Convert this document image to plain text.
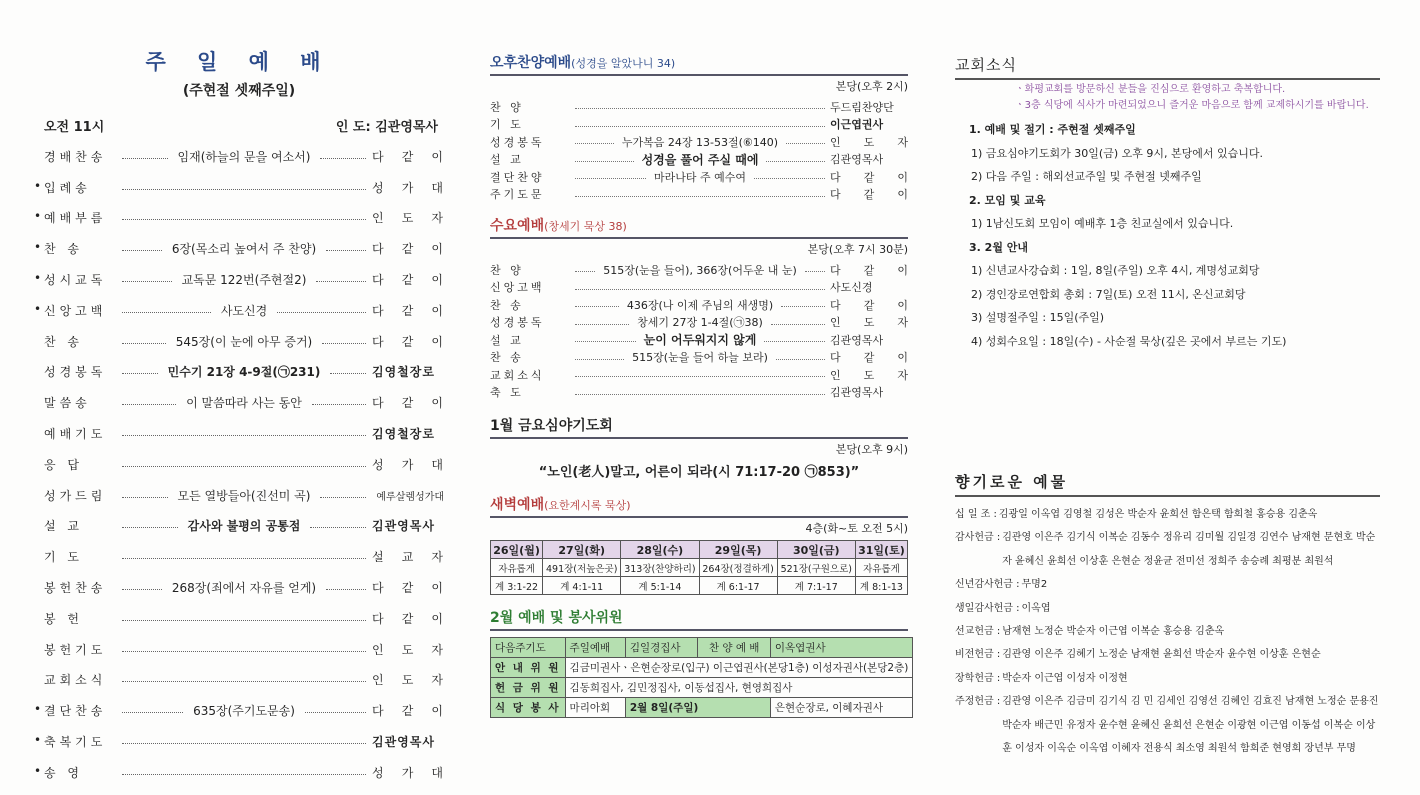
주 일 예 배
(주현절 셋째주일)
오전 11시	인 도: 김관영목사
경배찬송	임재(하늘의 문을 여소서)	다 같 이
• 입례송	성 가 대
• 예배부름	인 도 자
• 찬 송	6장(목소리 높여서 주 찬양)	다 같 이
• 성시교독	교독문 122번(주현절2)	다 같 이
• 신앙고백	사도신경	다 같 이
찬 송	545장(이 눈에 아무 증거)	다 같 이
성경봉독	민수기 21장 4-9절(㉠231)	김영철장로
말씀송	이 말씀따라 사는 동안	다 같 이
예배기도	김영철장로
응 답	성 가 대
성가드림	모든 열방들아(진선미 곡)	예루살렘성가대
설 교	감사와 불평의 공통점	김관영목사
기 도	설 교 자
봉헌찬송	268장(죄에서 자유를 얻게)	다 같 이
봉 헌	다 같 이
봉헌기도	인 도 자
교회소식	인 도 자
• 결단찬송	635장(주기도문송)	다 같 이
• 축복기도	김관영목사
• 송 영	성 가 대
오후찬양예배(성경을 알았나니 34)
본당(오후 2시)
찬 양	두드림찬양단
기 도	이근엽권사
성경봉독	누가복음 24장 13-53절(⑥140)	인 도 자
설 교	성경을 풀어 주실 때에	김관영목사
결단찬양	마라나타 주 예수여	다 같 이
주기도문	다 같 이
수요예배(창세기 묵상 38)
본당(오후 7시 30분)
찬 양	515장(눈을 들어), 366장(어두운 내 눈)	다 같 이
신앙고백	사도신경
찬 송	436장(나 이제 주님의 새생명)	다 같 이
성경봉독	창세기 27장 1-4절(㉠38)	인 도 자
설 교	눈이 어두워지지 않게	김관영목사
찬 송	515장(눈을 들어 하늘 보라)	다 같 이
교회소식	인 도 자
축 도	김관영목사
1월 금요심야기도회
본당(오후 9시)
“노인(老人)말고, 어른이 되라(시 71:17-20 ㉠853)”
새벽예배(요한계시록 묵상)
4층(화~토 오전 5시)
26일(월)	27일(화)	28일(수)	29일(목)	30일(금)	31일(토)
자유롭게	491장(저높은곳)	313장(찬양하리)	264장(정결하게)	521장(구원으로)	자유롭게
계 3:1-22	계 4:1-11	계 5:1-14	계 6:1-17	계 7:1-17	계 8:1-13
2월 예배 및 봉사위원
다음주기도	주일예배	김일경집사	찬 양 예 배	이옥엽권사
안 내 위 원	김금미권사ㆍ은현순장로(입구) 이근엽권사(본당1층) 이성자권사(본당2층)			
헌 금 위 원	김동희집사, 김민정집사, 이동섭집사, 현영희집사			
식 당 봉 사	마리아회	2월 8일(주일)		은현순장로, 이혜자권사
교회소식
ㆍ화평교회를 방문하신 분들을 진심으로 환영하고 축복합니다.
ㆍ3층 식당에 식사가 마련되었으니 즐거운 마음으로 함께 교제하시기를 바랍니다.
1. 예배 및 절기 : 주현절 셋째주일
1) 금요심야기도회가 30일(금) 오후 9시, 본당에서 있습니다.
2) 다음 주일 : 해외선교주일 및 주현절 넷째주일
2. 모임 및 교육
1) 1남신도회 모임이 예배후 1층 친교실에서 있습니다.
3. 2월 안내
1) 신년교사강습회 : 1일, 8일(주일) 오후 4시, 계명성교회당
2) 경인장로연합회 총회 : 7일(토) 오전 11시, 온신교회당
3) 설명절주일 : 15일(주일)
4) 성회수요일 : 18일(수) - 사순절 묵상(깊은 곳에서 부르는 기도)
향기로운 예물
십 일 조 : 김광일 이옥엽 김영철 김성은 박순자 윤희선 함은택 함희철 홍승용 김춘옥
감사헌금 : 김관영 이은주 김기식 이복순 김동수 정유리 김미월 김일경 김연수 남재현 문현호 박순자 윤혜신 윤희선 이상훈 은현순 정윤균 전미선 정희주 송승례 최평분 최원석
신년감사헌금 : 무명2
생일감사헌금 : 이옥엽
선교헌금 : 남재현 노정순 박순자 이근엽 이복순 홍승용 김춘옥
비전헌금 : 김관영 이은주 김혜기 노정순 남재현 윤희선 박순자 윤수현 이상훈 은현순
장학헌금 : 박순자 이근엽 이성자 이정현
주정헌금 : 김관영 이은주 김금미 김기식 김 민 김세인 김영선 김혜인 김효진 남재현 노정순 문용진 박순자 배근민 유정자 윤수현 윤혜신 윤희선 은현순 이광현 이근엽 이동섭 이복순 이상훈 이성자 이옥순 이옥엽 이혜자 전용식 최소영 최원석 함희준 현영희 장년부 무명
